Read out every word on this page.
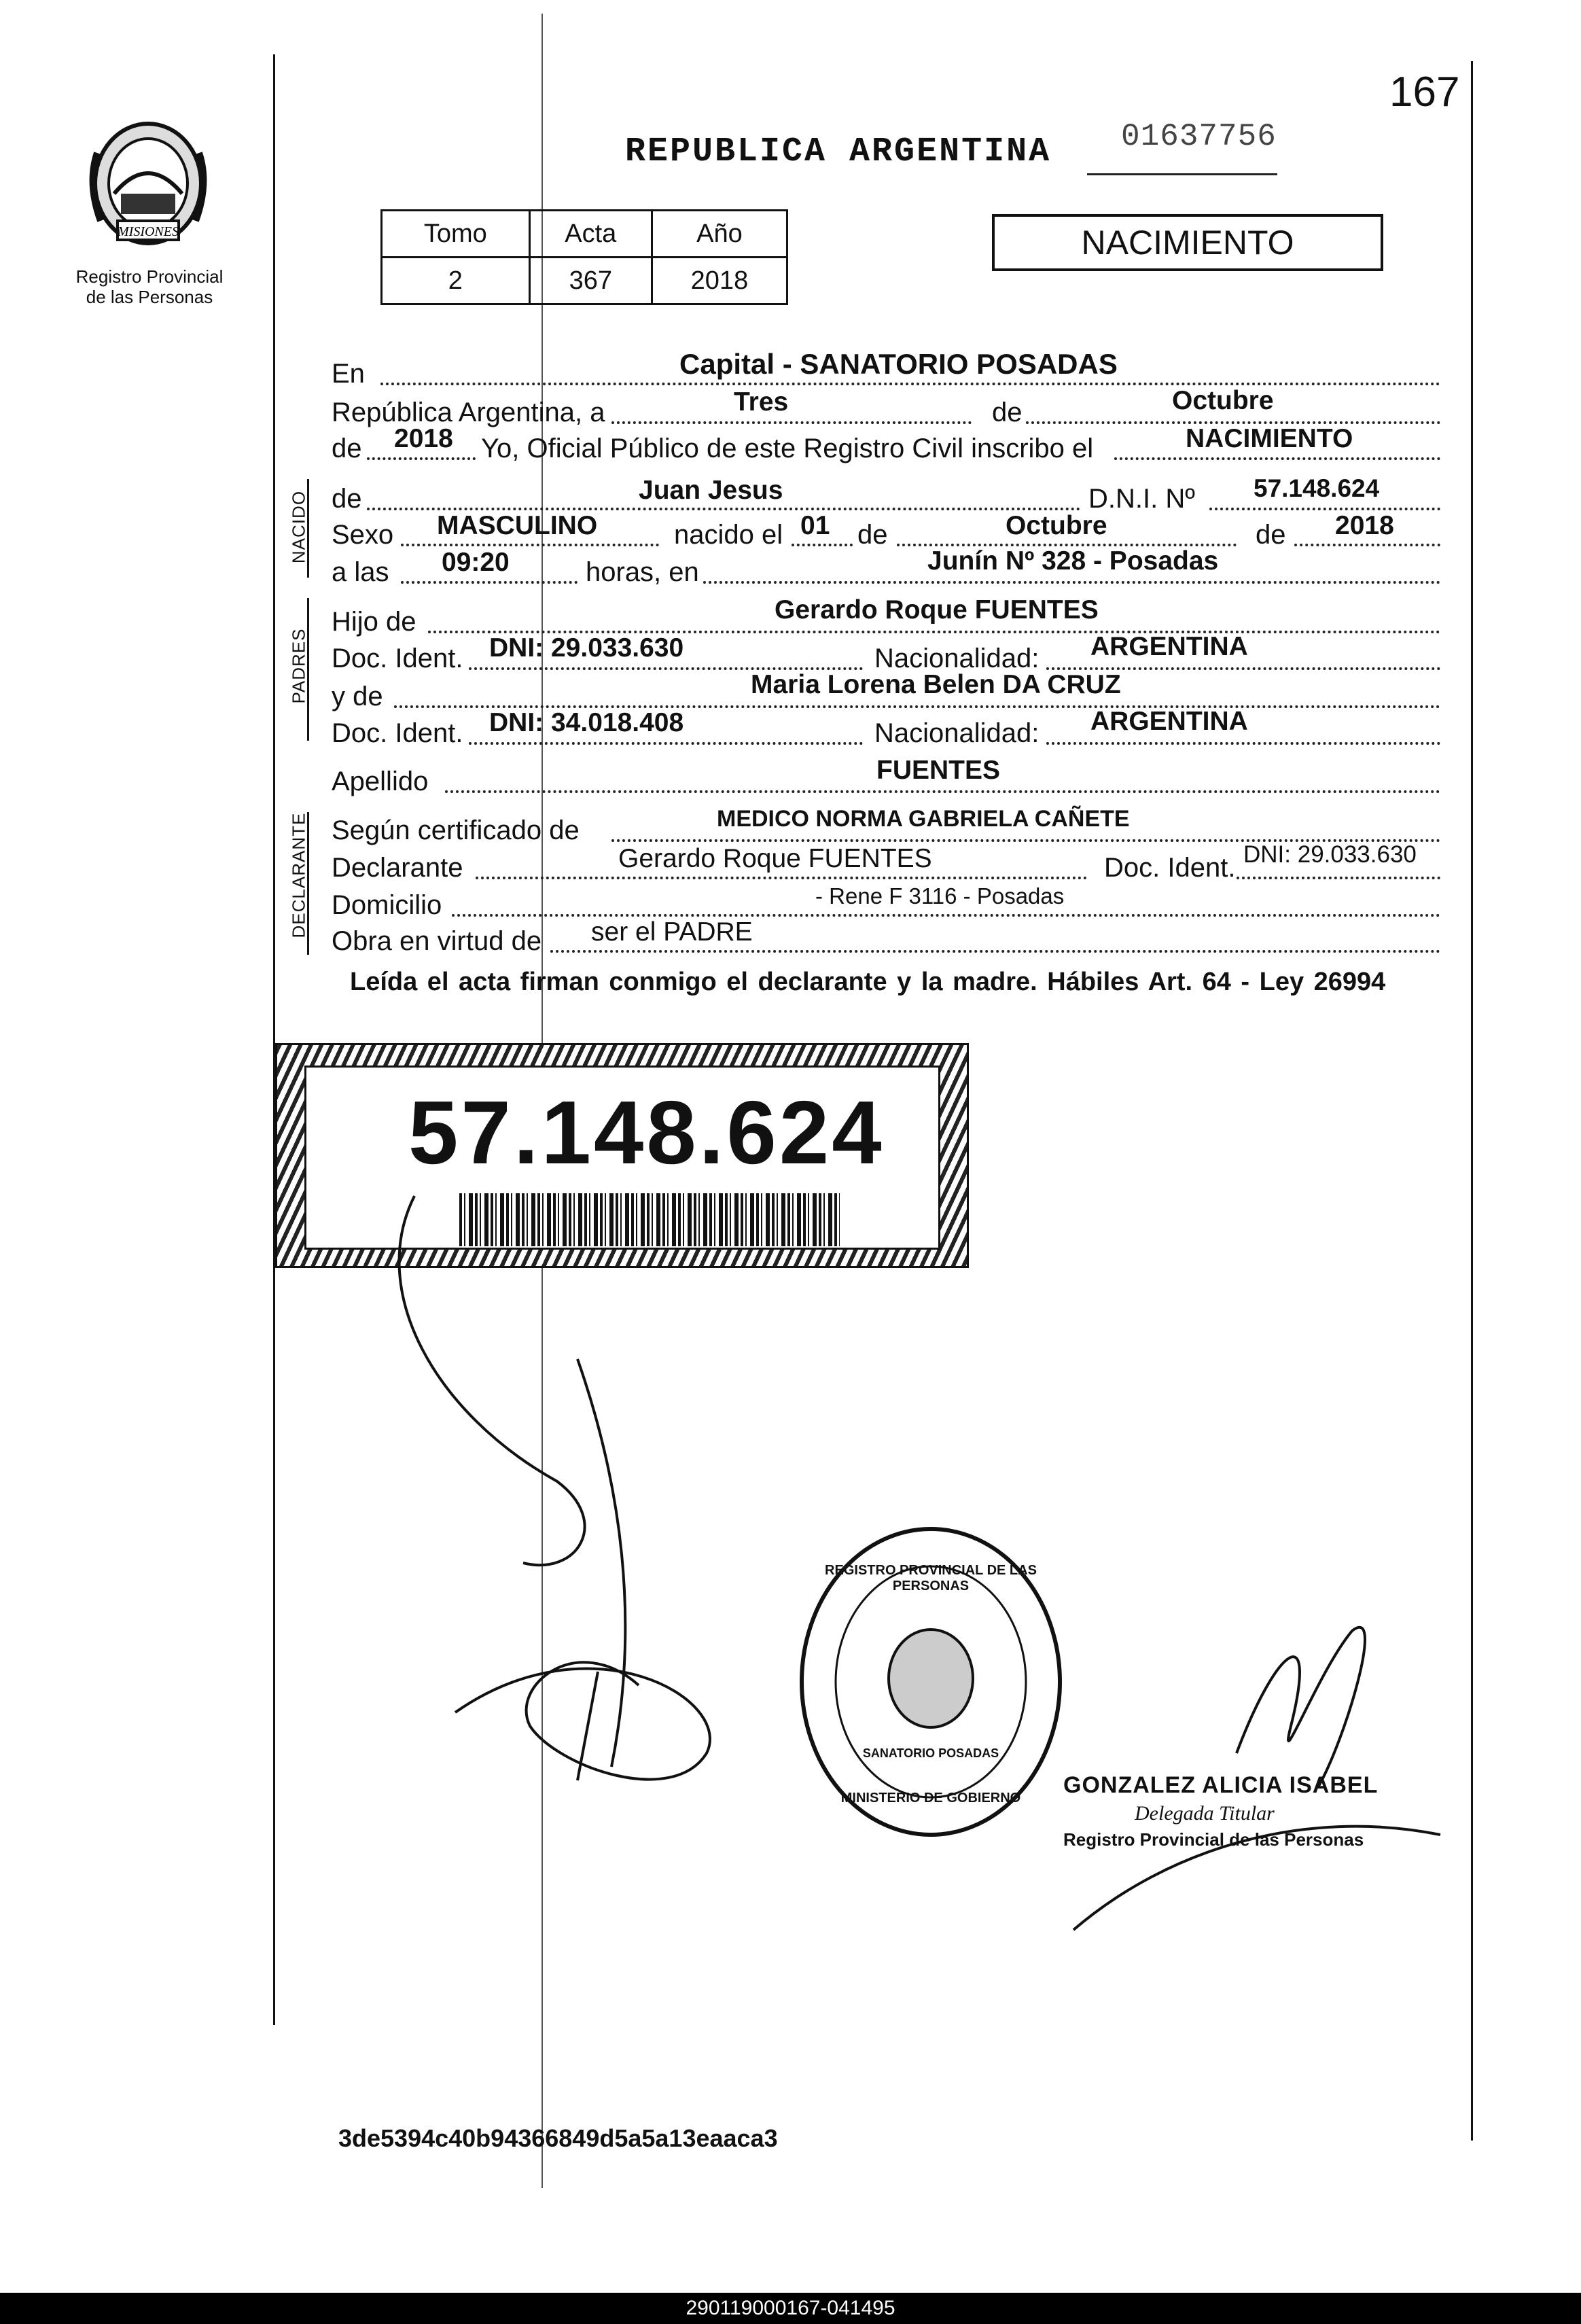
167
MISIONES
Registro Provincial
de las Personas
REPUBLICA ARGENTINA 01637756
Tomo	Acta	Año
2	367	2018
NACIMIENTO
En	Capital - SANATORIO POSADAS
República Argentina, a	Tres	de	Octubre
de 2018 Yo, Oficial Público de este Registro Civil inscribo el	NACIMIENTO
NACIDO de	Juan Jesus	D.N.I. Nº 57.148.624
Sexo MASCULINO	nacido el 01 de	Octubre	de 2018
a las 09:20	horas, en	Junín Nº 328 - Posadas
PADRES
Hijo de	Gerardo Roque FUENTES
Doc. Ident. DNI: 29.033.630	Nacionalidad: ARGENTINA
y de	Maria Lorena Belen DA CRUZ
Doc. Ident. DNI: 34.018.408	Nacionalidad: ARGENTINA
Apellido	FUENTES
DECLARANTE Según certificado de	MEDICO NORMA GABRIELA CAÑETE
Declarante	Gerardo Roque FUENTES	Doc. Ident. DNI: 29.033.630
Domicilio	- Rene F 3116 - Posadas
Obra en virtud de ser el PADRE
Leída el acta firman conmigo el declarante y la madre. Hábiles Art. 64 - Ley 26994
57.148.624
REGISTRO PROVINCIAL DE LAS PERSONAS
SANATORIO POSADAS
MINISTERIO DE GOBIERNO GONZALEZ ALICIA ISABEL
Delegada Titular
Registro Provincial de las Personas
3de5394c40b94366849d5a5a13eaaca3
290119000167-041495
